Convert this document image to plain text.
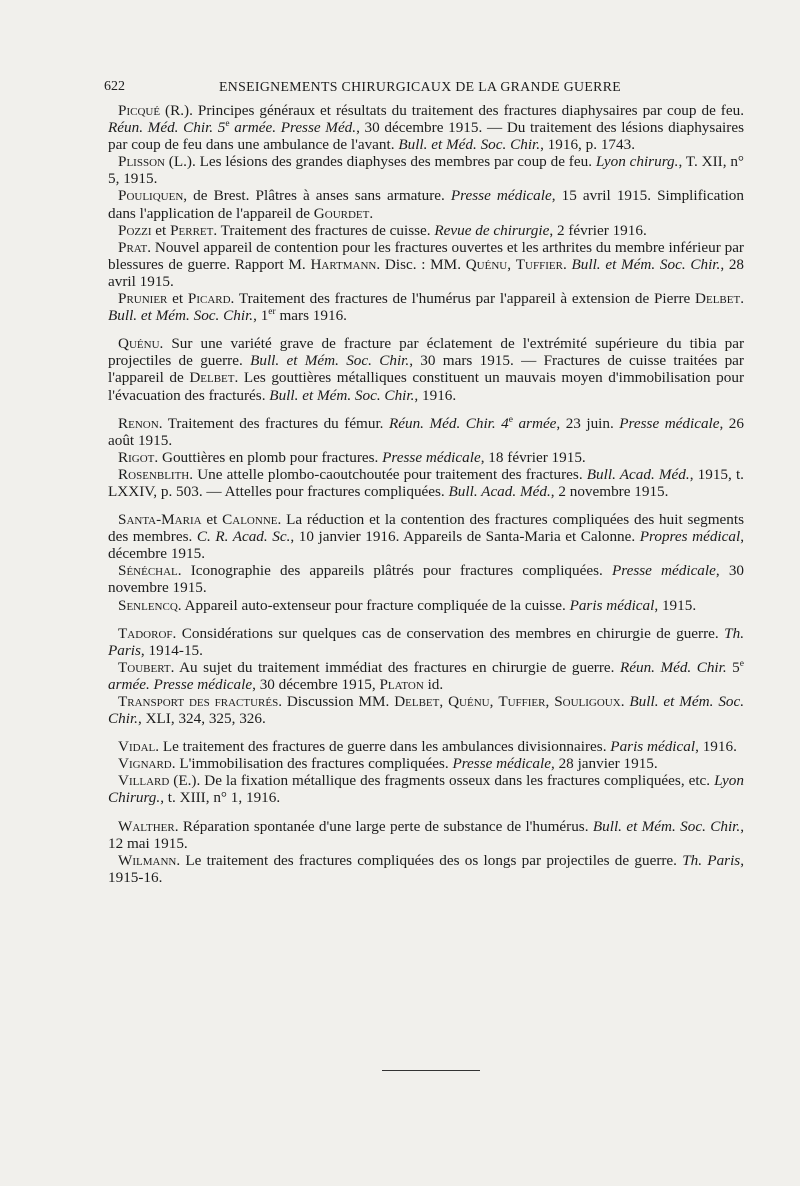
622	ENSEIGNEMENTS CHIRURGICAUX DE LA GRANDE GUERRE

Picqué (R.). Principes généraux et résultats du traitement des fractures diaphysaires par coup de feu. Réun. Méd. Chir. 5e armée. Presse Méd., 30 décembre 1915. — Du traitement des lésions diaphysaires par coup de feu dans une ambulance de l'avant. Bull. et Méd. Soc. Chir., 1916, p. 1743.

Plisson (L.). Les lésions des grandes diaphyses des membres par coup de feu. Lyon chirurg., T. XII, n° 5, 1915.

Pouliquen, de Brest. Plâtres à anses sans armature. Presse médicale, 15 avril 1915. Simplification dans l'application de l'appareil de Gourdet.

Pozzi et Perret. Traitement des fractures de cuisse. Revue de chirurgie, 2 février 1916.

Prat. Nouvel appareil de contention pour les fractures ouvertes et les arthrites du membre inférieur par blessures de guerre. Rapport M. Hartmann. Disc. : MM. Quénu, Tuffier. Bull. et Mém. Soc. Chir., 28 avril 1915.

Prunier et Picard. Traitement des fractures de l'humérus par l'appareil à extension de Pierre Delbet. Bull. et Mém. Soc. Chir., 1er mars 1916.

Quénu. Sur une variété grave de fracture par éclatement de l'extrémité supérieure du tibia par projectiles de guerre. Bull. et Mém. Soc. Chir., 30 mars 1915. — Fractures de cuisse traitées par l'appareil de Delbet. Les gouttières métalliques constituent un mauvais moyen d'immobilisation pour l'évacuation des fracturés. Bull. et Mém. Soc. Chir., 1916.

Renon. Traitement des fractures du fémur. Réun. Méd. Chir. 4e armée, 23 juin. Presse médicale, 26 août 1915.

Rigot. Gouttières en plomb pour fractures. Presse médicale, 18 février 1915.

Rosenblith. Une attelle plombo-caoutchoutée pour traitement des fractures. Bull. Acad. Méd., 1915, t. LXXIV, p. 503. — Attelles pour fractures compliquées. Bull. Acad. Méd., 2 novembre 1915.

Santa-Maria et Calonne. La réduction et la contention des fractures compliquées des huit segments des membres. C. R. Acad. Sc., 10 janvier 1916. Appareils de Santa-Maria et Calonne. Propres médical, décembre 1915.

Sénéchal. Iconographie des appareils plâtrés pour fractures compliquées. Presse médicale, 30 novembre 1915.

Senlencq. Appareil auto-extenseur pour fracture compliquée de la cuisse. Paris médical, 1915.

Tadorof. Considérations sur quelques cas de conservation des membres en chirurgie de guerre. Th. Paris, 1914-15.

Toubert. Au sujet du traitement immédiat des fractures en chirurgie de guerre. Réun. Méd. Chir. 5e armée. Presse médicale, 30 décembre 1915, Platon id.

Transport des fracturés. Discussion MM. Delbet, Quénu, Tuffier, Souligoux. Bull. et Mém. Soc. Chir., XLI, 324, 325, 326.

Vidal. Le traitement des fractures de guerre dans les ambulances divisionnaires. Paris médical, 1916.

Vignard. L'immobilisation des fractures compliquées. Presse médicale, 28 janvier 1915.

Villard (E.). De la fixation métallique des fragments osseux dans les fractures compliquées, etc. Lyon Chirurg., t. XIII, n° 1, 1916.

Walther. Réparation spontanée d'une large perte de substance de l'humérus. Bull. et Mém. Soc. Chir., 12 mai 1915.

Wilmann. Le traitement des fractures compliquées des os longs par projectiles de guerre. Th. Paris, 1915-16.
